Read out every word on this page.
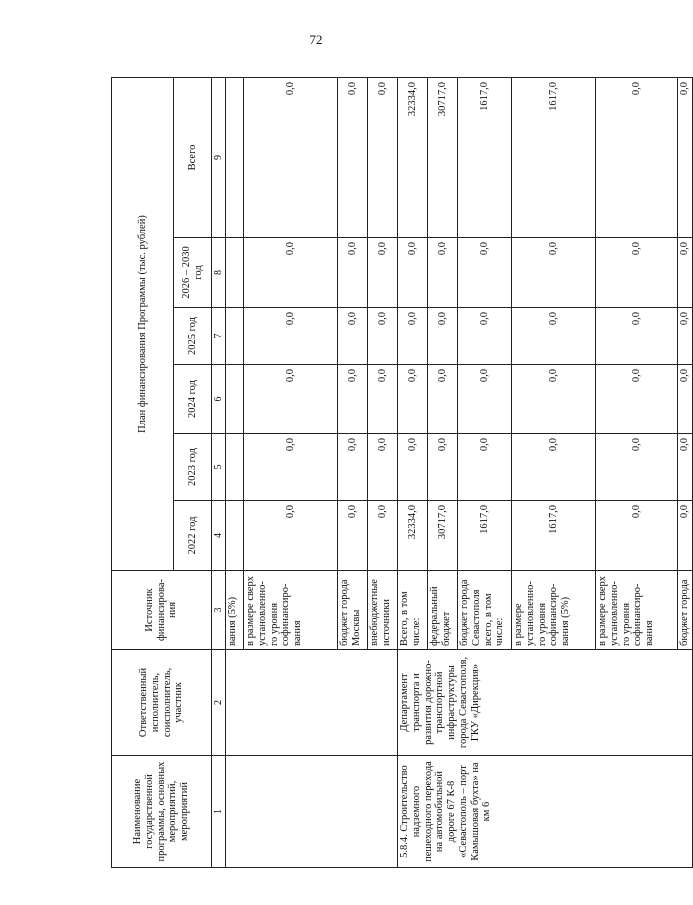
72
Наименование государственной программы, основных мероприятий, мероприятий	Ответственный исполнитель, соисполнитель, участник	Источник финансирова-ния	План финансирования Программы (тыс. рублей)					
			2022 год	2023 год	2024 год	2025 год	2026 – 2030 год	Всего
1	2	3	4	5	6	7	8	9
		вания (5%)						
		в размере сверх установленно-го уровня софинансиро-вания	0,0	0,0	0,0	0,0	0,0	0,0
		бюджет города Москвы	0,0	0,0	0,0	0,0	0,0	0,0
		внебюджетные источники	0,0	0,0	0,0	0,0	0,0	0,0
5.8.4. Строительство надземного пешеходного перехода на автомобильной дороге 67 К-8 «Севастополь – порт Камышовая бухта» на км 6	Департамент транспорта и развития дорожно-транспортной инфраструктуры города Севастополя, ГКУ «Дирекция»	Всего, в том числе:	32334,0	0,0	0,0	0,0	0,0	32334,0
		федеральный бюджет	30717,0	0,0	0,0	0,0	0,0	30717,0
		бюджет города Севастополя всего, в том числе:	1617,0	0,0	0,0	0,0	0,0	1617,0
		в размере установленно-го уровня софинансиро-вания (5%)	1617,0	0,0	0,0	0,0	0,0	1617,0
		в размере сверх установленно-го уровня софинансиро-вания	0,0	0,0	0,0	0,0	0,0	0,0
		бюджет города	0,0	0,0	0,0	0,0	0,0	0,0
